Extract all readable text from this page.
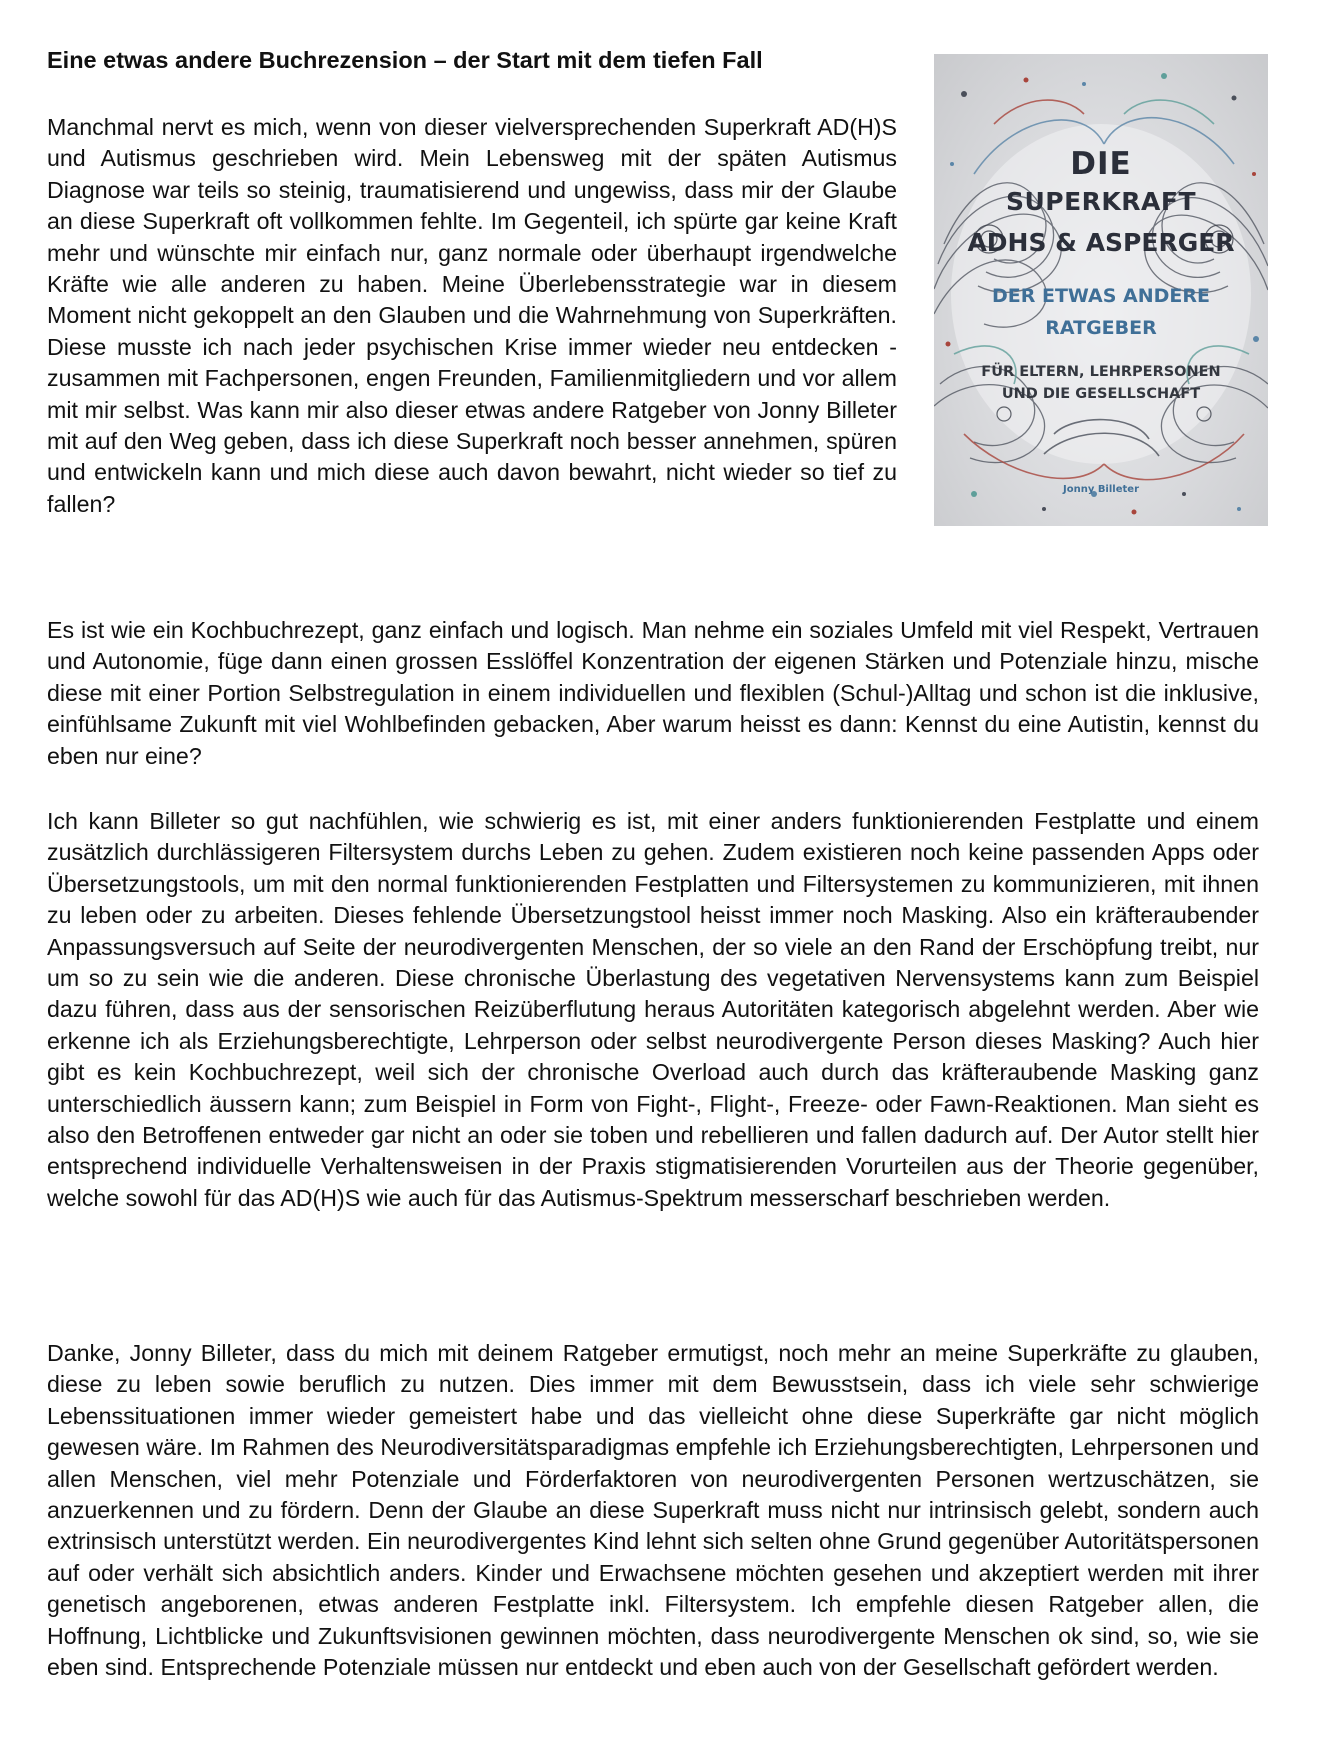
Eine etwas andere Buchrezension – der Start mit dem tiefen Fall

Manchmal nervt es mich, wenn von dieser vielversprechenden Superkraft AD(H)S und Autismus geschrieben wird. Mein Lebensweg mit der späten Autismus Diagnose war teils so steinig, traumatisierend und ungewiss, dass mir der Glaube an diese Superkraft oft vollkommen fehlte. Im Gegenteil, ich spürte gar keine Kraft mehr und wünschte mir einfach nur, ganz normale oder überhaupt irgendwelche Kräfte wie alle anderen zu haben. Meine Überlebensstrategie war in diesem Moment nicht gekoppelt an den Glauben und die Wahrnehmung von Superkräften. Diese musste ich nach jeder psychischen Krise immer wieder neu entdecken - zusammen mit Fachpersonen, engen Freunden, Familienmitgliedern und vor allem mit mir selbst. Was kann mir also dieser etwas andere Ratgeber von Jonny Billeter mit auf den Weg geben, dass ich diese Superkraft noch besser annehmen, spüren und entwickeln kann und mich diese auch davon bewahrt, nicht wieder so tief zu fallen?

Es ist wie ein Kochbuchrezept, ganz einfach und logisch. Man nehme ein soziales Umfeld mit viel Respekt, Vertrauen und Autonomie, füge dann einen grossen Esslöffel Konzentration der eigenen Stärken und Potenziale hinzu, mische diese mit einer Portion Selbstregulation in einem individuellen und flexiblen (Schul-)Alltag und schon ist die inklusive, einfühlsame Zukunft mit viel Wohlbefinden gebacken, Aber warum heisst es dann: Kennst du eine Autistin, kennst du eben nur eine?

Ich kann Billeter so gut nachfühlen, wie schwierig es ist, mit einer anders funktionierenden Festplatte und einem zusätzlich durchlässigeren Filtersystem durchs Leben zu gehen. Zudem existieren noch keine passenden Apps oder Übersetzungstools, um mit den normal funktionierenden Festplatten und Filtersystemen zu kommunizieren, mit ihnen zu leben oder zu arbeiten. Dieses fehlende Übersetzungstool heisst immer noch Masking. Also ein kräfteraubender Anpassungsversuch auf Seite der neurodivergenten Menschen, der so viele an den Rand der Erschöpfung treibt, nur um so zu sein wie die anderen. Diese chronische Überlastung des vegetativen Nervensystems kann zum Beispiel dazu führen, dass aus der sensorischen Reizüberflutung heraus Autoritäten kategorisch abgelehnt werden. Aber wie erkenne ich als Erziehungsberechtigte, Lehrperson oder selbst neurodivergente Person dieses Masking? Auch hier gibt es kein Kochbuchrezept, weil sich der chronische Overload auch durch das kräfteraubende Masking ganz unterschiedlich äussern kann; zum Beispiel in Form von Fight-, Flight-, Freeze- oder Fawn-Reaktionen. Man sieht es also den Betroffenen entweder gar nicht an oder sie toben und rebellieren und fallen dadurch auf. Der Autor stellt hier entsprechend individuelle Verhaltensweisen in der Praxis stigmatisierenden Vorurteilen aus der Theorie gegenüber, welche sowohl für das AD(H)S wie auch für das Autismus-Spektrum messerscharf beschrieben werden.

Danke, Jonny Billeter, dass du mich mit deinem Ratgeber ermutigst, noch mehr an meine Superkräfte zu glauben, diese zu leben sowie beruflich zu nutzen. Dies immer mit dem Bewusstsein, dass ich viele sehr schwierige Lebenssituationen immer wieder gemeistert habe und das vielleicht ohne diese Superkräfte gar nicht möglich gewesen wäre. Im Rahmen des Neurodiversitätsparadigmas empfehle ich Erziehungsberechtigten, Lehrpersonen und allen Menschen, viel mehr Potenziale und Förderfaktoren von neurodivergenten Personen wertzuschätzen, sie anzuerkennen und zu fördern. Denn der Glaube an diese Superkraft muss nicht nur intrinsisch gelebt, sondern auch extrinsisch unterstützt werden. Ein neurodivergentes Kind lehnt sich selten ohne Grund gegenüber Autoritätspersonen auf oder verhält sich absichtlich anders. Kinder und Erwachsene möchten gesehen und akzeptiert werden mit ihrer genetisch angeborenen, etwas anderen Festplatte inkl. Filtersystem. Ich empfehle diesen Ratgeber allen, die Hoffnung, Lichtblicke und Zukunftsvisionen gewinnen möchten, dass neurodivergente Menschen ok sind, so, wie sie eben sind. Entsprechende Potenziale müssen nur entdeckt und eben auch von der Gesellschaft gefördert werden.

DIE
SUPERKRAFT
ADHS & ASPERGER
DER ETWAS ANDERE
RATGEBER
FÜR ELTERN, LEHRPERSONEN
UND DIE GESELLSCHAFT
Jonny Billeter
